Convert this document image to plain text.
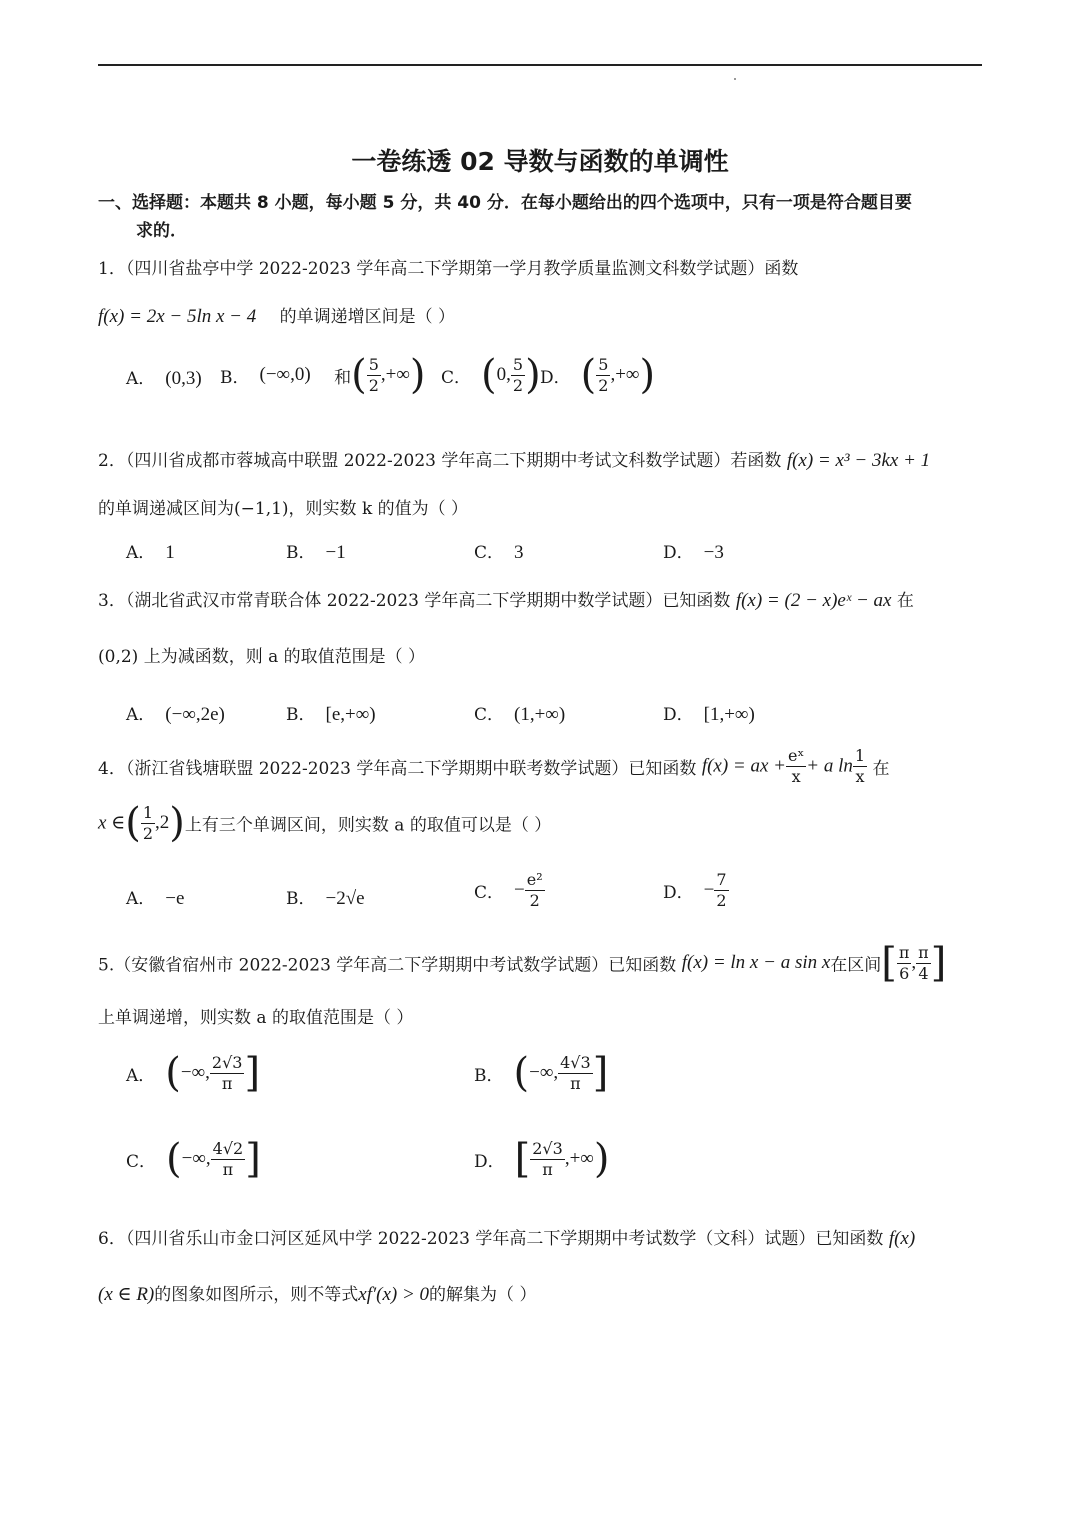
一卷练透 02 导数与函数的单调性
一、选择题：本题共 8 小题，每小题 5 分，共 40 分．在每小题给出的四个选项中，只有一项是符合题目要
求的．
1．（四川省盐亭中学 2022-2023 学年高二下学期第一学月教学质量监测文科数学试题）函数
f(x) = 2x − 5ln x − 4 的单调递增区间是（ ）
A． (0,3) B． (−∞,0) 和( $\frac{5}{2}$ ,+∞) C． (0, $\frac{5}{2}$ ) D． ( $\frac{5}{2}$ ,+∞)
2．（四川省成都市蓉城高中联盟 2022-2023 学年高二下期期中考试文科数学试题）若函数 f(x) = x³ − 3kx + 1
的单调递减区间为(−1,1)，则实数 k 的值为（ ）
A． 1	B． −1	C． 3	D． −3
3．（湖北省武汉市常青联合体 2022-2023 学年高二下学期期中数学试题）已知函数 f(x) = (2 − x)eˣ − ax 在
(0,2) 上为减函数，则 a 的取值范围是（ ）
A． (−∞,2e)	B． [e,+∞)	C． (1,+∞)	D． [1,+∞)
4．（浙江省钱塘联盟 2022-2023 学年高二下学期期中联考数学试题）已知函数 f(x) = ax + $\frac{\text{eˣ}}{x} + a$ $\ln \frac{1}{x}$ 在
x ∈( $\frac{1}{2} ,2$)上有三个单调区间，则实数 a 的取值可以是（ ）
A． −e	B． −2√e	C． − $\frac{\text{e²}}{2}$	D． − $\frac{7}{2}$
5.（安徽省宿州市 2022-2023 学年高二下学期期中考试数学试题）已知函数 f(x) = ln x − a sin x在区间[ $\frac{\pi}{6}$ , $\frac{\pi}{4}$ ]
上单调递增，则实数 a 的取值范围是（ ）
A． (−∞, $\frac{2√3}{\pi}$ ]	B． (−∞, $\frac{4√3}{\pi}$ ]
C． (−∞, $\frac{4√2}{\pi}$ ]	D． [ $\frac{2√3}{\pi}$ ,+∞)
6．（四川省乐山市金口河区延风中学 2022-2023 学年高二下学期期中考试数学（文科）试题）已知函数 f(x)
(x ∈ R)的图象如图所示，则不等式xf′(x) > 0的解集为（ ）
